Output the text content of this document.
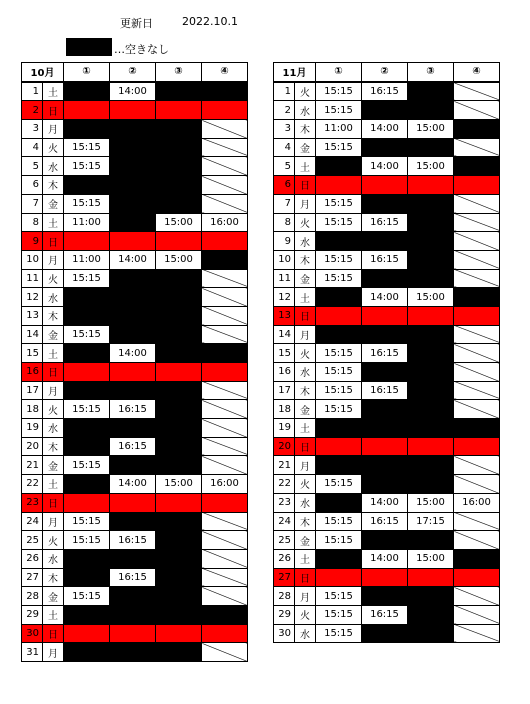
更新日	2022.10.1
…空きなし
10月		①	②	③	④
1	土		14:00		
2	日				
3	月				
4	火	15:15			
5	水	15:15			
6	木				
7	金	15:15			
8	土	11:00		15:00	16:00
9	日				
10	月	11:00	14:00	15:00	
11	火	15:15			
12	水				
13	木				
14	金	15:15			
15	土		14:00		
16	日				
17	月				
18	火	15:15	16:15		
19	水				
20	木		16:15		
21	金	15:15			
22	土		14:00	15:00	16:00
23	日				
24	月	15:15			
25	火	15:15	16:15		
26	水				
27	木		16:15		
28	金	15:15			
29	土				
30	日				
31	月				
11月		①	②	③	④
1	火	15:15	16:15		
2	水	15:15			
3	木	11:00	14:00	15:00	
4	金	15:15			
5	土		14:00	15:00	
6	日				
7	月	15:15			
8	火	15:15	16:15		
9	水				
10	木	15:15	16:15		
11	金	15:15			
12	土		14:00	15:00	
13	日				
14	月				
15	火	15:15	16:15		
16	水	15:15			
17	木	15:15	16:15		
18	金	15:15			
19	土				
20	日				
21	月				
22	火	15:15			
23	水		14:00	15:00	16:00
24	木	15:15	16:15	17:15	
25	金	15:15			
26	土		14:00	15:00	
27	日				
28	月	15:15			
29	火	15:15	16:15		
30	水	15:15			
